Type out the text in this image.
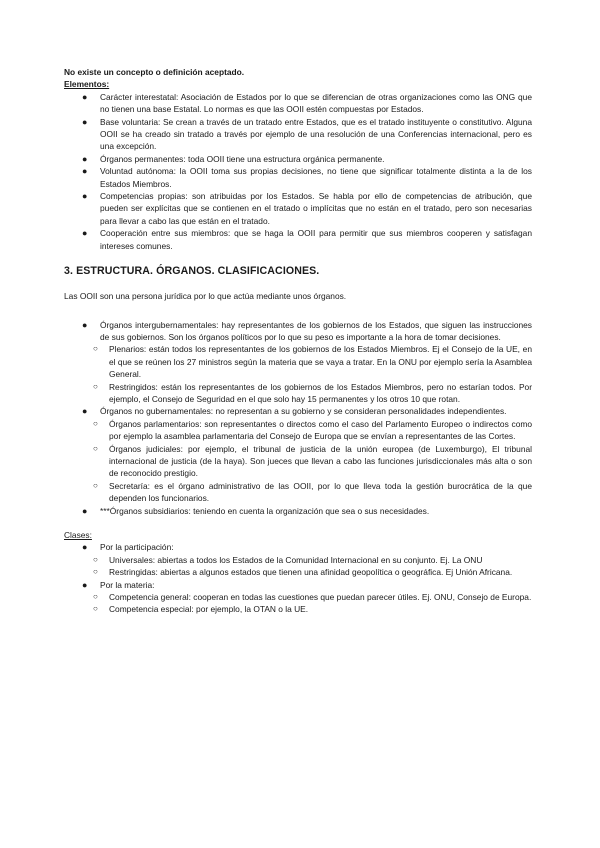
No existe un concepto o definición aceptado.

Elementos:

● Carácter interestatal: Asociación de Estados por lo que se diferencian de otras organizaciones como las ONG que no tienen una base Estatal. Lo normas es que las OOII estén compuestas por Estados.
● Base voluntaria: Se crean a través de un tratado entre Estados, que es el tratado instituyente o constitutivo. Alguna OOII se ha creado sin tratado a través por ejemplo de una resolución de una Conferencias internacional, pero es una excepción.
● Órganos permanentes: toda OOII tiene una estructura orgánica permanente.
● Voluntad autónoma: la OOII toma sus propias decisiones, no tiene que significar totalmente distinta a la de los Estados Miembros.
● Competencias propias: son atribuidas por los Estados. Se habla por ello de competencias de atribución, que pueden ser explícitas que se contienen en el tratado o implícitas que no están en el tratado, pero son necesarias para llevar a cabo las que están en el tratado.
● Cooperación entre sus miembros: que se haga la OOII para permitir que sus miembros cooperen y satisfagan intereses comunes.

3. ESTRUCTURA. ÓRGANOS. CLASIFICACIONES.

Las OOII son una persona jurídica por lo que actúa mediante unos órganos.

● Órganos intergubernamentales: hay representantes de los gobiernos de los Estados, que siguen las instrucciones de sus gobiernos. Son los órganos políticos por lo que su peso es importante a la hora de tomar decisiones.
○ Plenarios: están todos los representantes de los gobiernos de los Estados Miembros. Ej el Consejo de la UE, en el que se reúnen los 27 ministros según la materia que se vaya a tratar. En la ONU por ejemplo sería la Asamblea General.
○ Restringidos: están los representantes de los gobiernos de los Estados Miembros, pero no estarían todos. Por ejemplo, el Consejo de Seguridad en el que solo hay 15 permanentes y los otros 10 que rotan.
● Órganos no gubernamentales: no representan a su gobierno y se consideran personalidades independientes.
○ Órganos parlamentarios: son representantes o directos como el caso del Parlamento Europeo o indirectos como por ejemplo la asamblea parlamentaria del Consejo de Europa que se envían a representantes de las Cortes.
○ Órganos judiciales: por ejemplo, el tribunal de justicia de la unión europea (de Luxemburgo), El tribunal internacional de justicia (de la haya). Son jueces que llevan a cabo las funciones jurisdiccionales más alta o son de reconocido prestigio.
○ Secretaría: es el órgano administrativo de las OOII, por lo que lleva toda la gestión burocrática de la que dependen los funcionarios.
● ***Órganos subsidiarios: teniendo en cuenta la organización que sea o sus necesidades.

Clases:

● Por la participación:
○ Universales: abiertas a todos los Estados de la Comunidad Internacional en su conjunto. Ej. La ONU
○ Restringidas: abiertas a algunos estados que tienen una afinidad geopolítica o geográfica. Ej Unión Africana.
● Por la materia:
○ Competencia general: cooperan en todas las cuestiones que puedan parecer útiles. Ej. ONU, Consejo de Europa.
○ Competencia especial: por ejemplo, la OTAN o la UE.
